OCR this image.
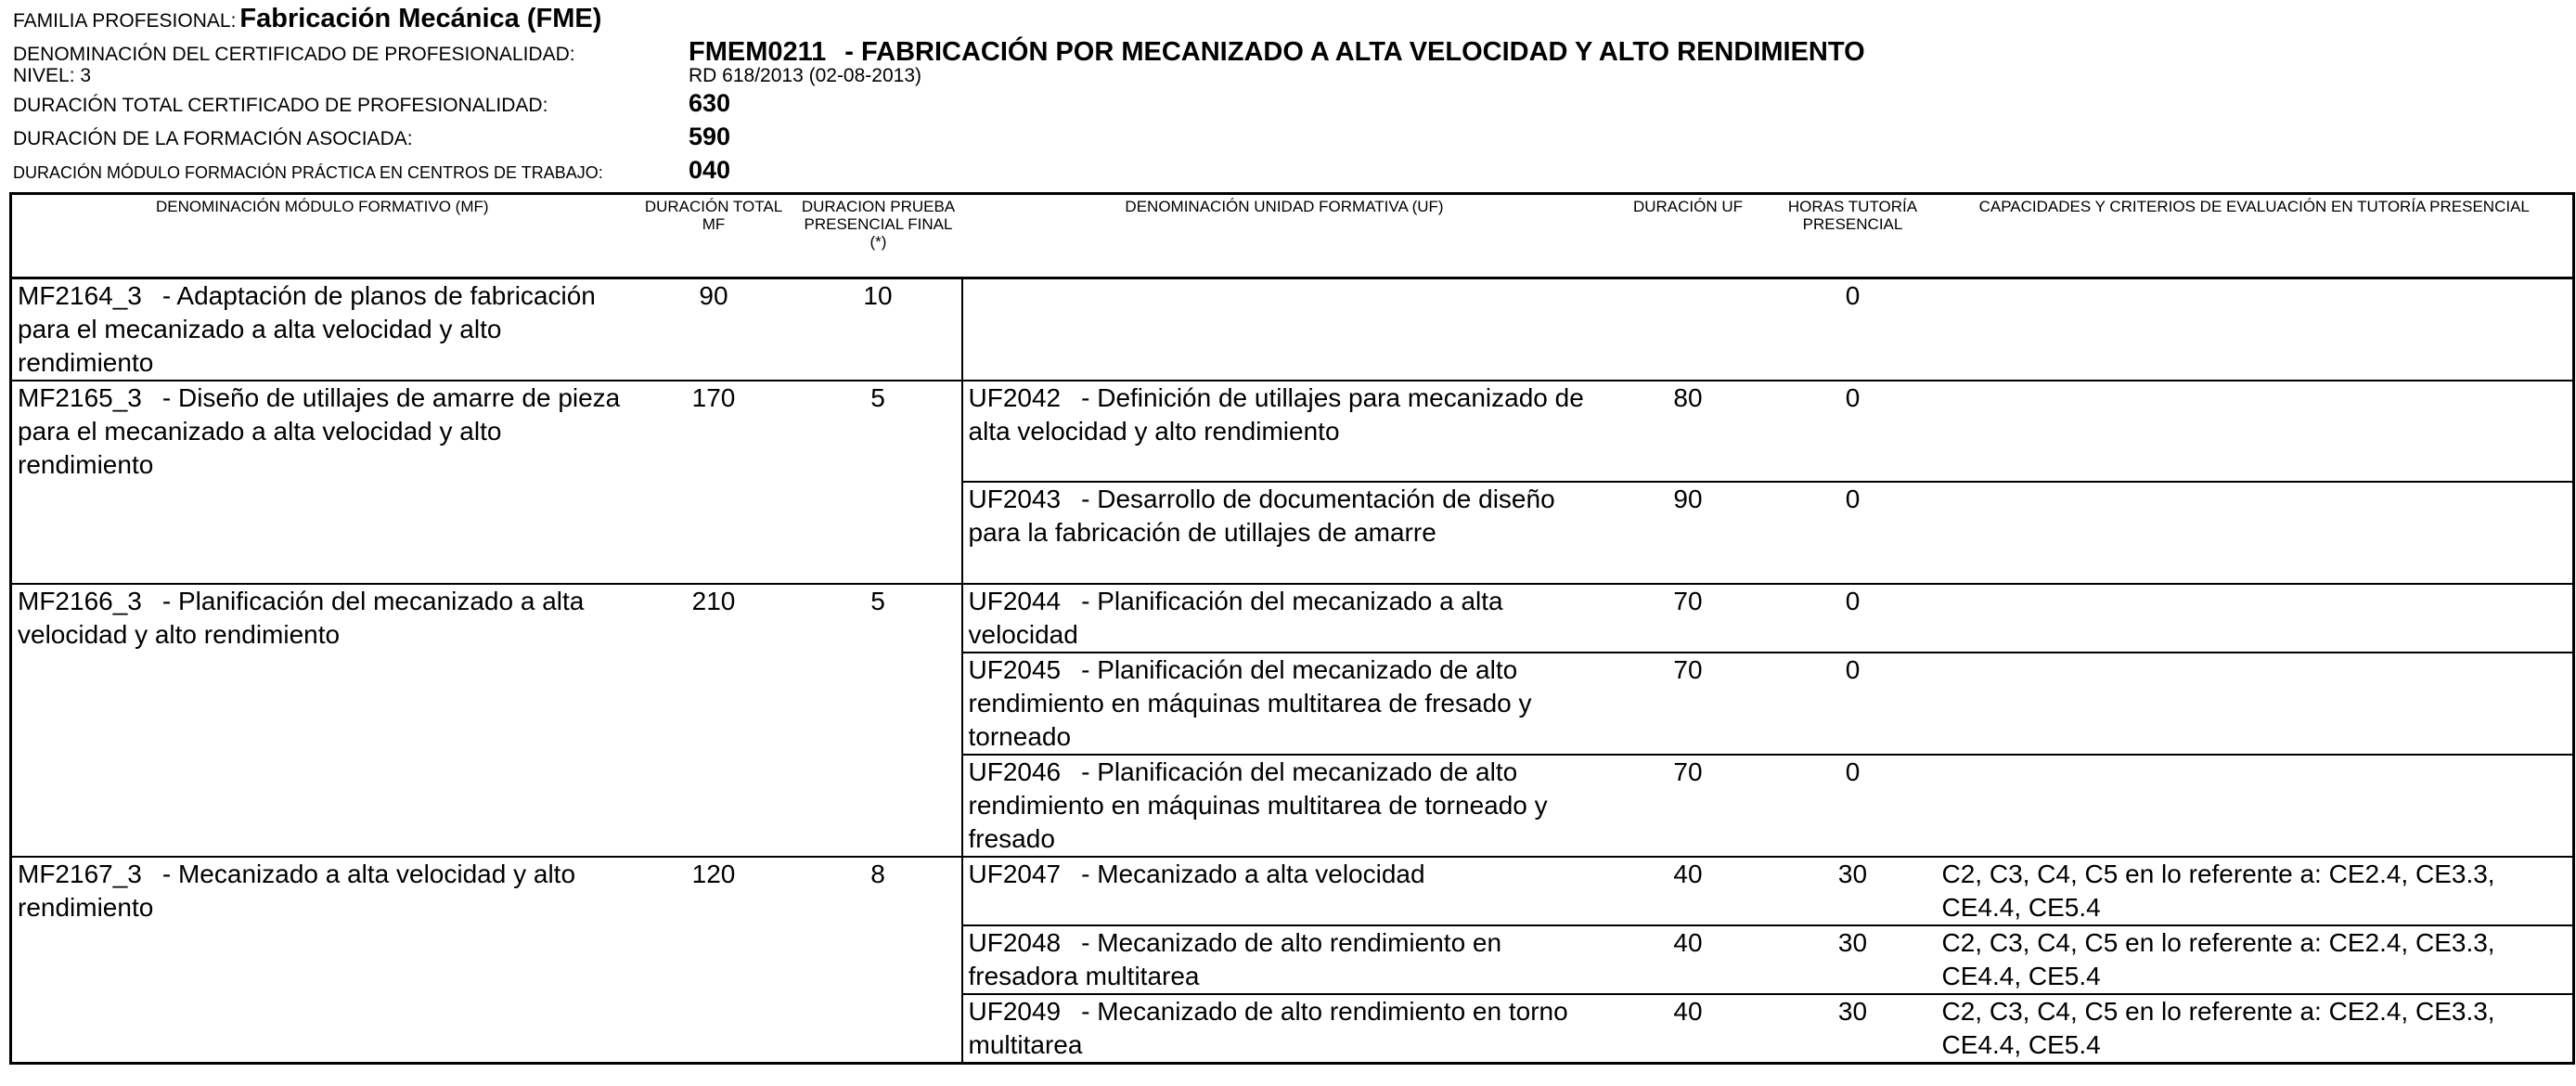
FAMILIA PROFESIONAL: Fabricación Mecánica (FME)
DENOMINACIÓN DEL CERTIFICADO DE PROFESIONALIDAD:	FMEM0211 - FABRICACIÓN POR MECANIZADO A ALTA VELOCIDAD Y ALTO RENDIMIENTO
NIVEL: 3	RD 618/2013 (02-08-2013)
DURACIÓN TOTAL CERTIFICADO DE PROFESIONALIDAD:	630
DURACIÓN DE LA FORMACIÓN ASOCIADA:	590
DURACIÓN MÓDULO FORMACIÓN PRÁCTICA EN CENTROS DE TRABAJO:	040
DENOMINACIÓN MÓDULO FORMATIVO (MF)	DURACIÓN TOTAL MF	DURACION PRUEBA PRESENCIAL FINAL (*)	DENOMINACIÓN UNIDAD FORMATIVA (UF)	DURACIÓN UF	HORAS TUTORÍA PRESENCIAL	CAPACIDADES Y CRITERIOS DE EVALUACIÓN EN TUTORÍA PRESENCIAL
MF2164_3 - Adaptación de planos de fabricación para el mecanizado a alta velocidad y alto rendimiento	90	10			0	
MF2165_3 - Diseño de utillajes de amarre de pieza para el mecanizado a alta velocidad y alto rendimiento	170	5	UF2042 - Definición de utillajes para mecanizado de alta velocidad y alto rendimiento	80	0	
			UF2043 - Desarrollo de documentación de diseño para la fabricación de utillajes de amarre	90	0	
MF2166_3 - Planificación del mecanizado a alta velocidad y alto rendimiento	210	5	UF2044 - Planificación del mecanizado a alta velocidad	70	0	
			UF2045 - Planificación del mecanizado de alto rendimiento en máquinas multitarea de fresado y torneado	70	0	
			UF2046 - Planificación del mecanizado de alto rendimiento en máquinas multitarea de torneado y fresado	70	0	
MF2167_3 - Mecanizado a alta velocidad y alto rendimiento	120	8	UF2047 - Mecanizado a alta velocidad	40	30	C2, C3, C4, C5 en lo referente a: CE2.4, CE3.3, CE4.4, CE5.4
			UF2048 - Mecanizado de alto rendimiento en fresadora multitarea	40	30	C2, C3, C4, C5 en lo referente a: CE2.4, CE3.3, CE4.4, CE5.4
			UF2049 - Mecanizado de alto rendimiento en torno multitarea	40	30	C2, C3, C4, C5 en lo referente a: CE2.4, CE3.3, CE4.4, CE5.4
